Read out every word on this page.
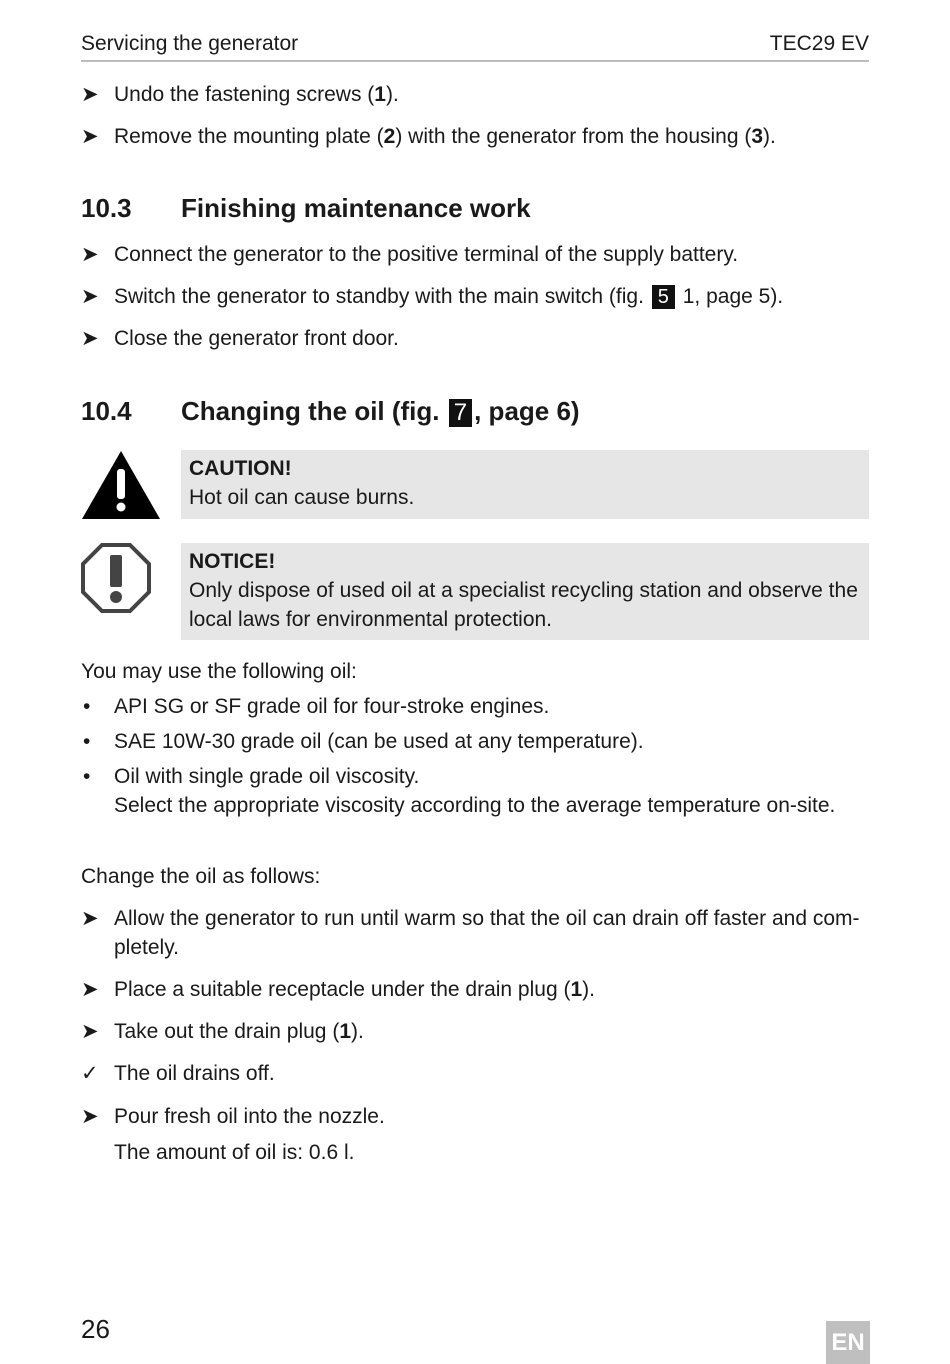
Servicing the generator	TEC29 EV
➤ Undo the fastening screws (1).
➤ Remove the mounting plate (2) with the generator from the housing (3).
10.3 Finishing maintenance work
➤ Connect the generator to the positive terminal of the supply battery.
➤ Switch the generator to standby with the main switch (fig. 5 1, page 5).
➤ Close the generator front door.
10.4 Changing the oil (fig. 7 , page 6)
CAUTION!
Hot oil can cause burns.
NOTICE!
Only dispose of used oil at a specialist recycling station and observe the
local laws for environmental protection.
You may use the following oil:
• API SG or SF grade oil for four-stroke engines.
• SAE 10W-30 grade oil (can be used at any temperature).
• Oil with single grade oil viscosity.
Select the appropriate viscosity according to the average temperature on-site.
Change the oil as follows:
➤ Allow the generator to run until warm so that the oil can drain off faster and com-
pletely.
➤ Place a suitable receptacle under the drain plug (1).
➤ Take out the drain plug (1).
✓ The oil drains off.
➤ Pour fresh oil into the nozzle.
The amount of oil is: 0.6 l.
26	EN
